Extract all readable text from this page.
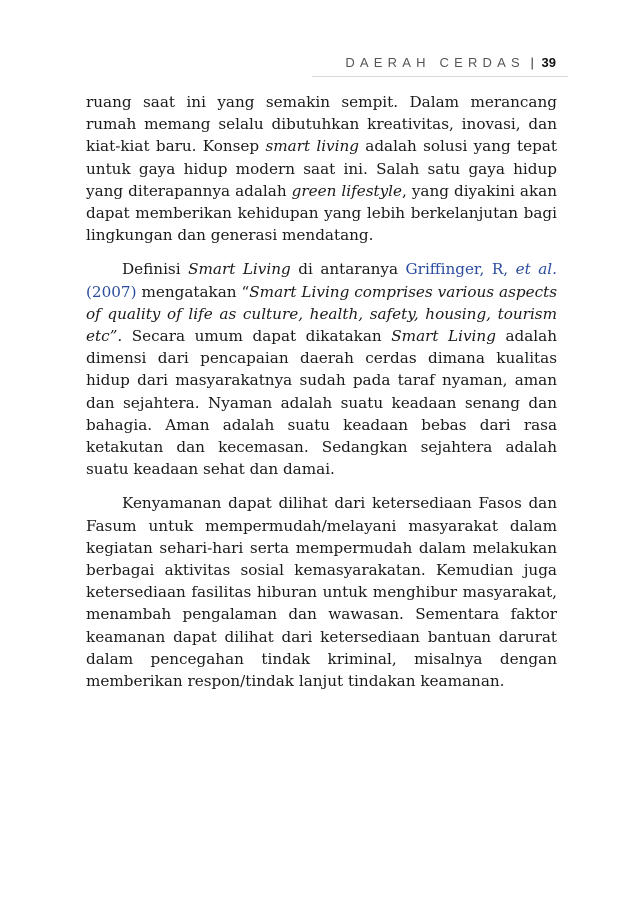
DAERAH CERDAS | 39

ruang saat ini yang semakin sempit. Dalam merancang rumah memang selalu dibutuhkan kreativitas, inovasi, dan kiat-kiat baru. Konsep smart living adalah solusi yang tepat untuk gaya hidup modern saat ini. Salah satu gaya hidup yang diterapannya adalah green lifestyle, yang diyakini akan dapat memberikan kehidupan yang lebih berkelanjutan bagi lingkungan dan generasi mendatang.

Definisi Smart Living di antaranya Griffinger, R, et al. (2007) mengatakan “Smart Living comprises various aspects of quality of life as culture, health, safety, housing, tourism etc”. Secara umum dapat dikatakan Smart Living adalah dimensi dari pencapaian daerah cerdas dimana kualitas hidup dari masyarakatnya sudah pada taraf nyaman, aman dan sejahtera. Nyaman adalah suatu keadaan senang dan bahagia. Aman adalah suatu keadaan bebas dari rasa ketakutan dan kecemasan. Sedangkan sejahtera adalah suatu keadaan sehat dan damai.

Kenyamanan dapat dilihat dari ketersediaan Fasos dan Fasum untuk mempermudah/melayani masyarakat dalam kegiatan sehari-hari serta mempermudah dalam melakukan berbagai aktivitas sosial kemasyarakatan. Kemudian juga ketersediaan fasilitas hiburan untuk menghibur masyarakat, menambah pengalaman dan wawasan. Sementara faktor keamanan dapat dilihat dari ketersediaan bantuan darurat dalam pencegahan tindak kriminal, misalnya dengan memberikan respon/tindak lanjut tindakan keamanan.
